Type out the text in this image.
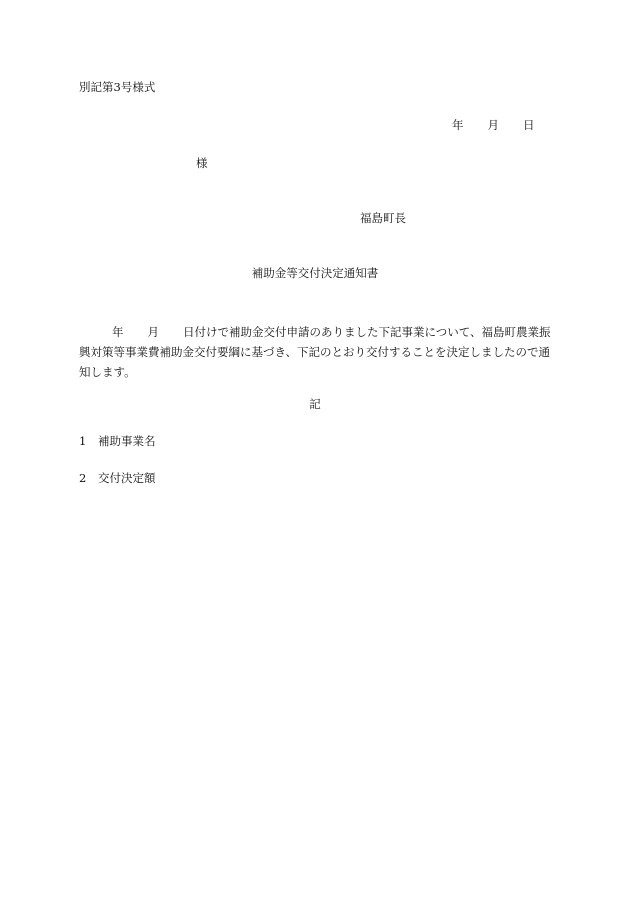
別記第3号様式
年 月 日
様
福島町長
補助金等交付決定通知書
年 月 日付けで補助金交付申請のありました下記事業について、福島町農業振興対策等事業費補助金交付要綱に基づき、下記のとおり交付することを決定しましたので通知します。
記
1 補助事業名
2 交付決定額
